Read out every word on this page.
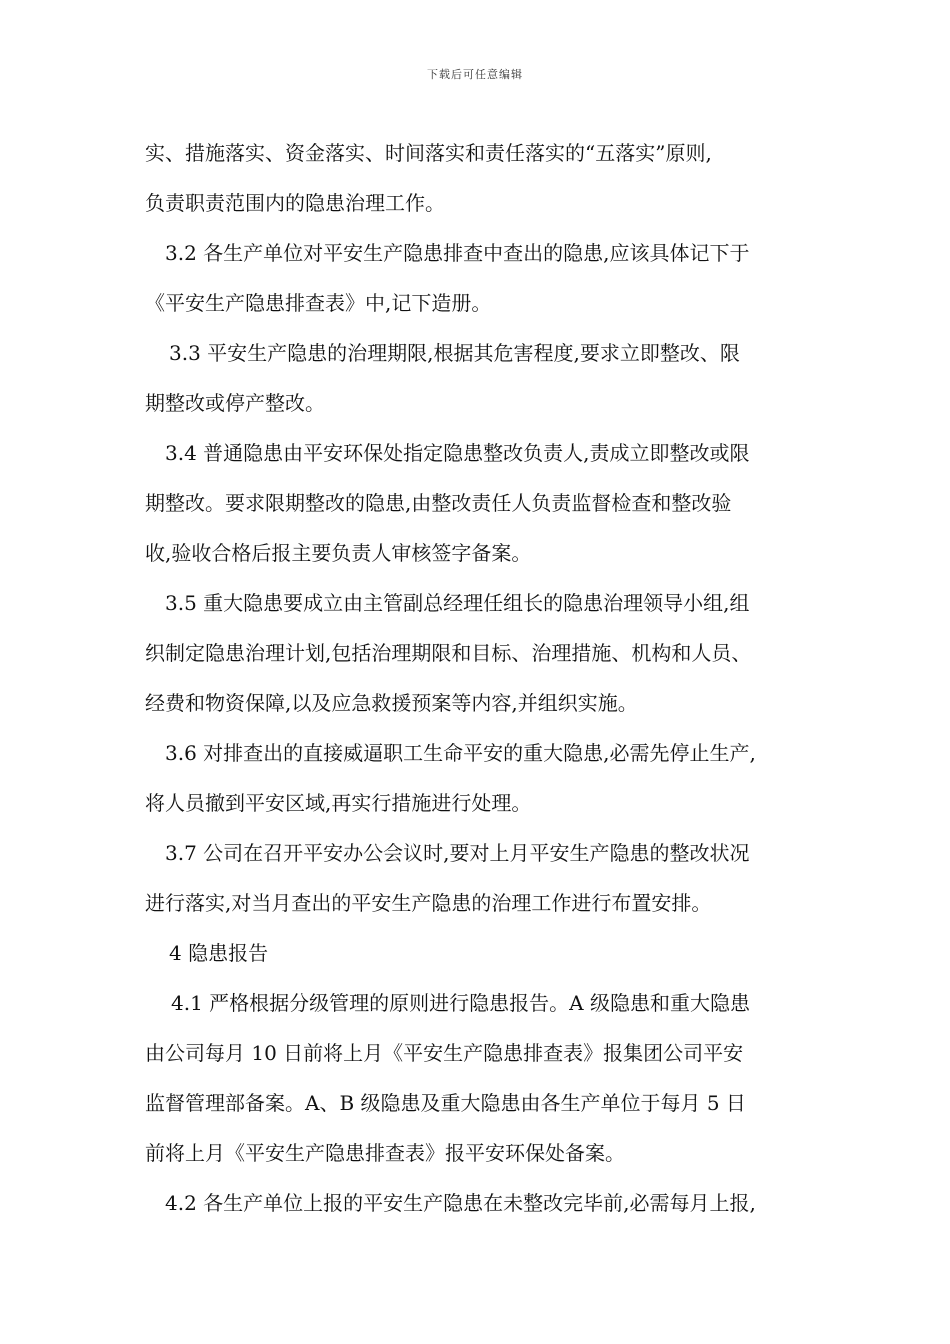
下载后可任意编辑
实、措施落实、资金落实、时间落实和责任落实的“五落实”原则,
负责职责范围内的隐患治理工作。
3.2 各生产单位对平安生产隐患排查中查出的隐患,应该具体记下于
《平安生产隐患排查表》中,记下造册。
3.3 平安生产隐患的治理期限,根据其危害程度,要求立即整改、限
期整改或停产整改。
3.4 普通隐患由平安环保处指定隐患整改负责人,责成立即整改或限
期整改。要求限期整改的隐患,由整改责任人负责监督检查和整改验
收,验收合格后报主要负责人审核签字备案。
3.5 重大隐患要成立由主管副总经理任组长的隐患治理领导小组,组
织制定隐患治理计划,包括治理期限和目标、治理措施、机构和人员、
经费和物资保障,以及应急救援预案等内容,并组织实施。
3.6 对排查出的直接威逼职工生命平安的重大隐患,必需先停止生产,
将人员撤到平安区域,再实行措施进行处理。
3.7 公司在召开平安办公会议时,要对上月平安生产隐患的整改状况
进行落实,对当月查出的平安生产隐患的治理工作进行布置安排。
4 隐患报告
4.1 严格根据分级管理的原则进行隐患报告。A 级隐患和重大隐患
由公司每月 10 日前将上月《平安生产隐患排查表》报集团公司平安
监督管理部备案。A、B 级隐患及重大隐患由各生产单位于每月 5 日
前将上月《平安生产隐患排查表》报平安环保处备案。
4.2 各生产单位上报的平安生产隐患在未整改完毕前,必需每月上报,
